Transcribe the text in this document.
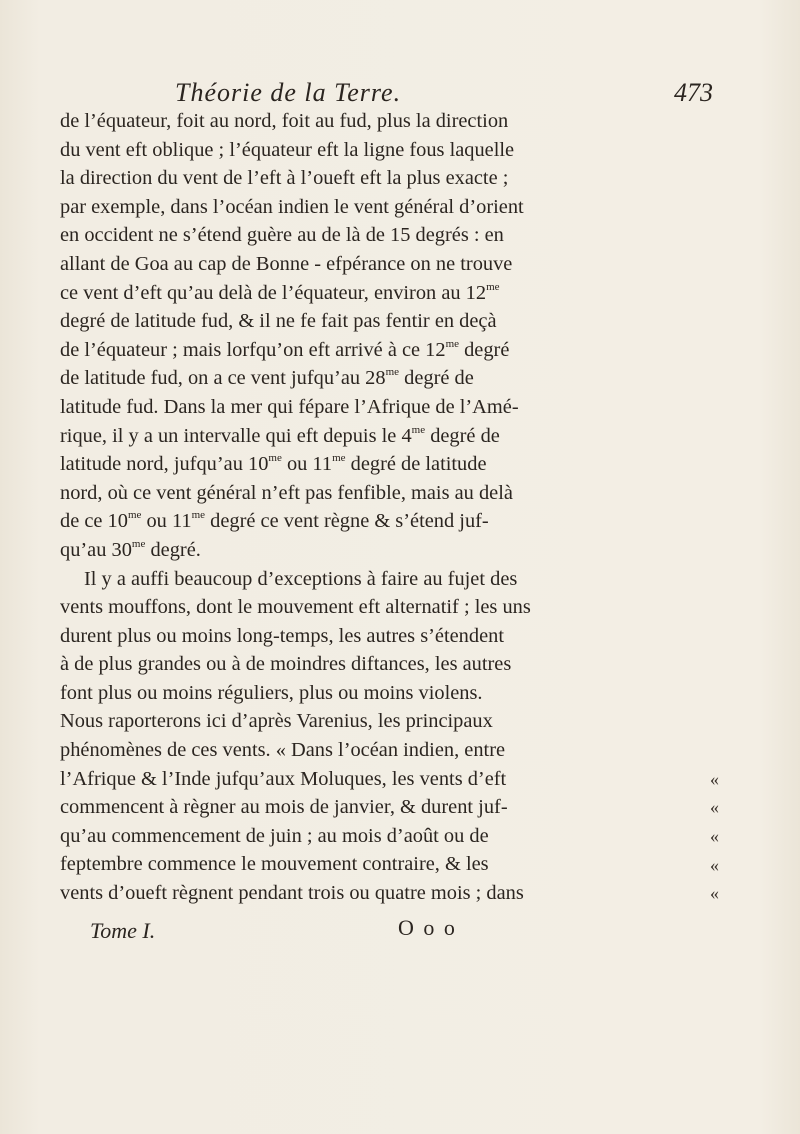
Théorie de la Terre.	473
de l’équateur, foit au nord, foit au fud, plus la direction
du vent eft oblique ; l’équateur eft la ligne fous laquelle
la direction du vent de l’eft à l’oueft eft la plus exacte ;
par exemple, dans l’océan indien le vent général d’orient
en occident ne s’étend guère au de là de 15 degrés : en
allant de Goa au cap de Bonne - efpérance on ne trouve
ce vent d’eft qu’au delà de l’équateur, environ au $12^{me}$
degré de latitude fud, & il ne fe fait pas fentir en deçà
de l’équateur ; mais lorfqu’on eft arrivé à ce $12^{me}$ degré
de latitude fud, on a ce vent jufqu’au $28^{me}$ degré de
latitude fud. Dans la mer qui fépare l’Afrique de l’Amé-
rique, il y a un intervalle qui eft depuis le $4^{me}$ degré de
latitude nord, jufqu’au $10^{me}$ ou $11^{me}$ degré de latitude
nord, où ce vent général n’eft pas fenfible, mais au delà
de ce $10^{me}$ ou $11^{me}$ degré ce vent règne & s’étend juf-
qu’au $30^{me}$ degré.
Il y a auffi beaucoup d’exceptions à faire au fujet des
vents mouffons, dont le mouvement eft alternatif ; les uns
durent plus ou moins long-temps, les autres s’étendent
à de plus grandes ou à de moindres diftances, les autres
font plus ou moins réguliers, plus ou moins violens.
Nous raporterons ici d’après Varenius, les principaux
phénomènes de ces vents. « Dans l’océan indien, entre
l’Afrique & l’Inde jufqu’aux Moluques, les vents d’eft
commencent à règner au mois de janvier, & durent juf-
qu’au commencement de juin ; au mois d’août ou de
feptembre commence le mouvement contraire, & les
vents d’oueft règnent pendant trois ou quatre mois ; dans
«
«
«
«
«
Tome I.	O o o
